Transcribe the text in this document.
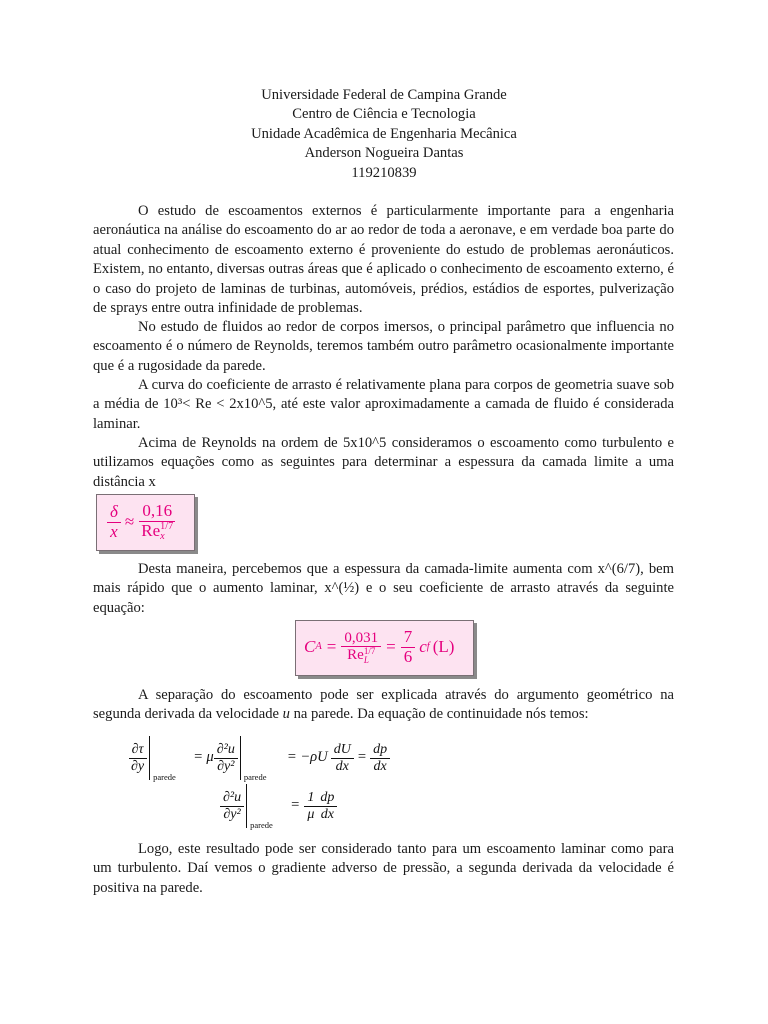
Universidade Federal de Campina Grande
Centro de Ciência e Tecnologia
Unidade Acadêmica de Engenharia Mecânica
Anderson Nogueira Dantas
119210839

O estudo de escoamentos externos é particularmente importante para a engenharia aeronáutica na análise do escoamento do ar ao redor de toda a aeronave, e em verdade boa parte do atual conhecimento de escoamento externo é proveniente do estudo de problemas aeronáuticos. Existem, no entanto, diversas outras áreas que é aplicado o conhecimento de escoamento externo, é o caso do projeto de laminas de turbinas, automóveis, prédios, estádios de esportes, pulverização de sprays entre outra infinidade de problemas.

No estudo de fluidos ao redor de corpos imersos, o principal parâmetro que influencia no escoamento é o número de Reynolds, teremos também outro parâmetro ocasionalmente importante que é a rugosidade da parede.

A curva do coeficiente de arrasto é relativamente plana para corpos de geometria suave sob a média de 10³< Re < 2x10^5, até este valor aproximadamente a camada de fluido é considerada laminar.

Acima de Reynolds na ordem de 5x10^5 consideramos o escoamento como turbulento e utilizamos equações como as seguintes para determinar a espessura da camada limite a uma distância x

$\frac{\delta}{x} \approx 0,16$
Re 1/7
x

Desta maneira, percebemos que a espessura da camada-limite aumenta com x^(6/7), bem mais rápido que o aumento laminar, x^(½) e o seu coeficiente de arrasto através da seguinte equação:

C A = 0,031
Re 1/7
$L = \frac{7}{6}$ c f (L)

A separação do escoamento pode ser explicada através do argumento geométrico na segunda derivada da velocidade u na parede. Da equação de continuidade nós temos:

$\frac{\partial\tau}{\partial y}$
parede
= μ $\frac{\text{∂²u}}{\text{∂y²}}$
parede
= $-\rho U \frac{dU}{dx} = \frac{dp}{dx}$
$\frac{\text{∂²u}}{\text{∂y²}}$
parede
= $\frac{1}{\mu} \frac{dp}{dx}$

Logo, este resultado pode ser considerado tanto para um escoamento laminar como para um turbulento. Daí vemos o gradiente adverso de pressão, a segunda derivada da velocidade é positiva na parede.
